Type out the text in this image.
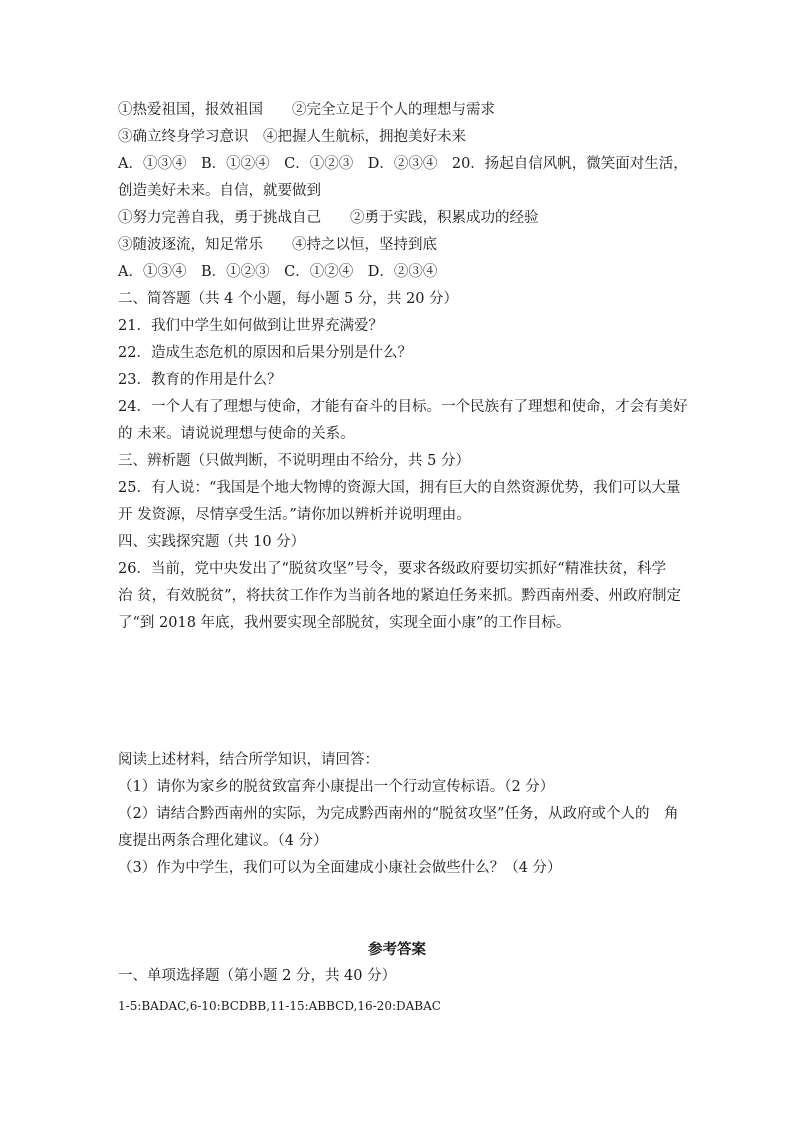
①热爱祖国，报效祖国　　②完全立足于个人的理想与需求
③确立终身学习意识　④把握人生航标，拥抱美好未来
A．①③④　B．①②④　C．①②③　D．②③④　20．扬起自信风帆，微笑面对生活，
创造美好未来。自信，就要做到
①努力完善自我，勇于挑战自己　　②勇于实践，积累成功的经验
③随波逐流，知足常乐　　④持之以恒，坚持到底
A．①③④　B．①②③　C．①②④　D．②③④
二、简答题（共 4 个小题，每小题 5 分，共 20 分）
21．我们中学生如何做到让世界充满爱？
22．造成生态危机的原因和后果分别是什么？
23．教育的作用是什么？
24．一个人有了理想与使命，才能有奋斗的目标。一个民族有了理想和使命，才会有美好
的 未来。请说说理想与使命的关系。
三、辨析题（只做判断，不说明理由不给分，共 5 分）
25．有人说：“我国是个地大物博的资源大国，拥有巨大的自然资源优势，我们可以大量
开 发资源，尽情享受生活。”请你加以辨析并说明理由。
四、实践探究题（共 10 分）
26．当前，党中央发出了“脱贫攻坚”号令，要求各级政府要切实抓好“精准扶贫，科学
治 贫，有效脱贫”，将扶贫工作作为当前各地的紧迫任务来抓。黔西南州委、州政府制定
了“到 2018 年底，我州要实现全部脱贫，实现全面小康”的工作目标。
阅读上述材料，结合所学知识，请回答：
（1）请你为家乡的脱贫致富奔小康提出一个行动宣传标语。（2 分）
（2）请结合黔西南州的实际，为完成黔西南州的“脱贫攻坚”任务，从政府或个人的　角
度提出两条合理化建议。（4 分）
（3）作为中学生，我们可以为全面建成小康社会做些什么？（4 分）
参考答案
一、单项选择题（第小题 2 分，共 40 分）
1-5:BADAC,6-10:BCDBB,11-15:ABBCD,16-20:DABAC
